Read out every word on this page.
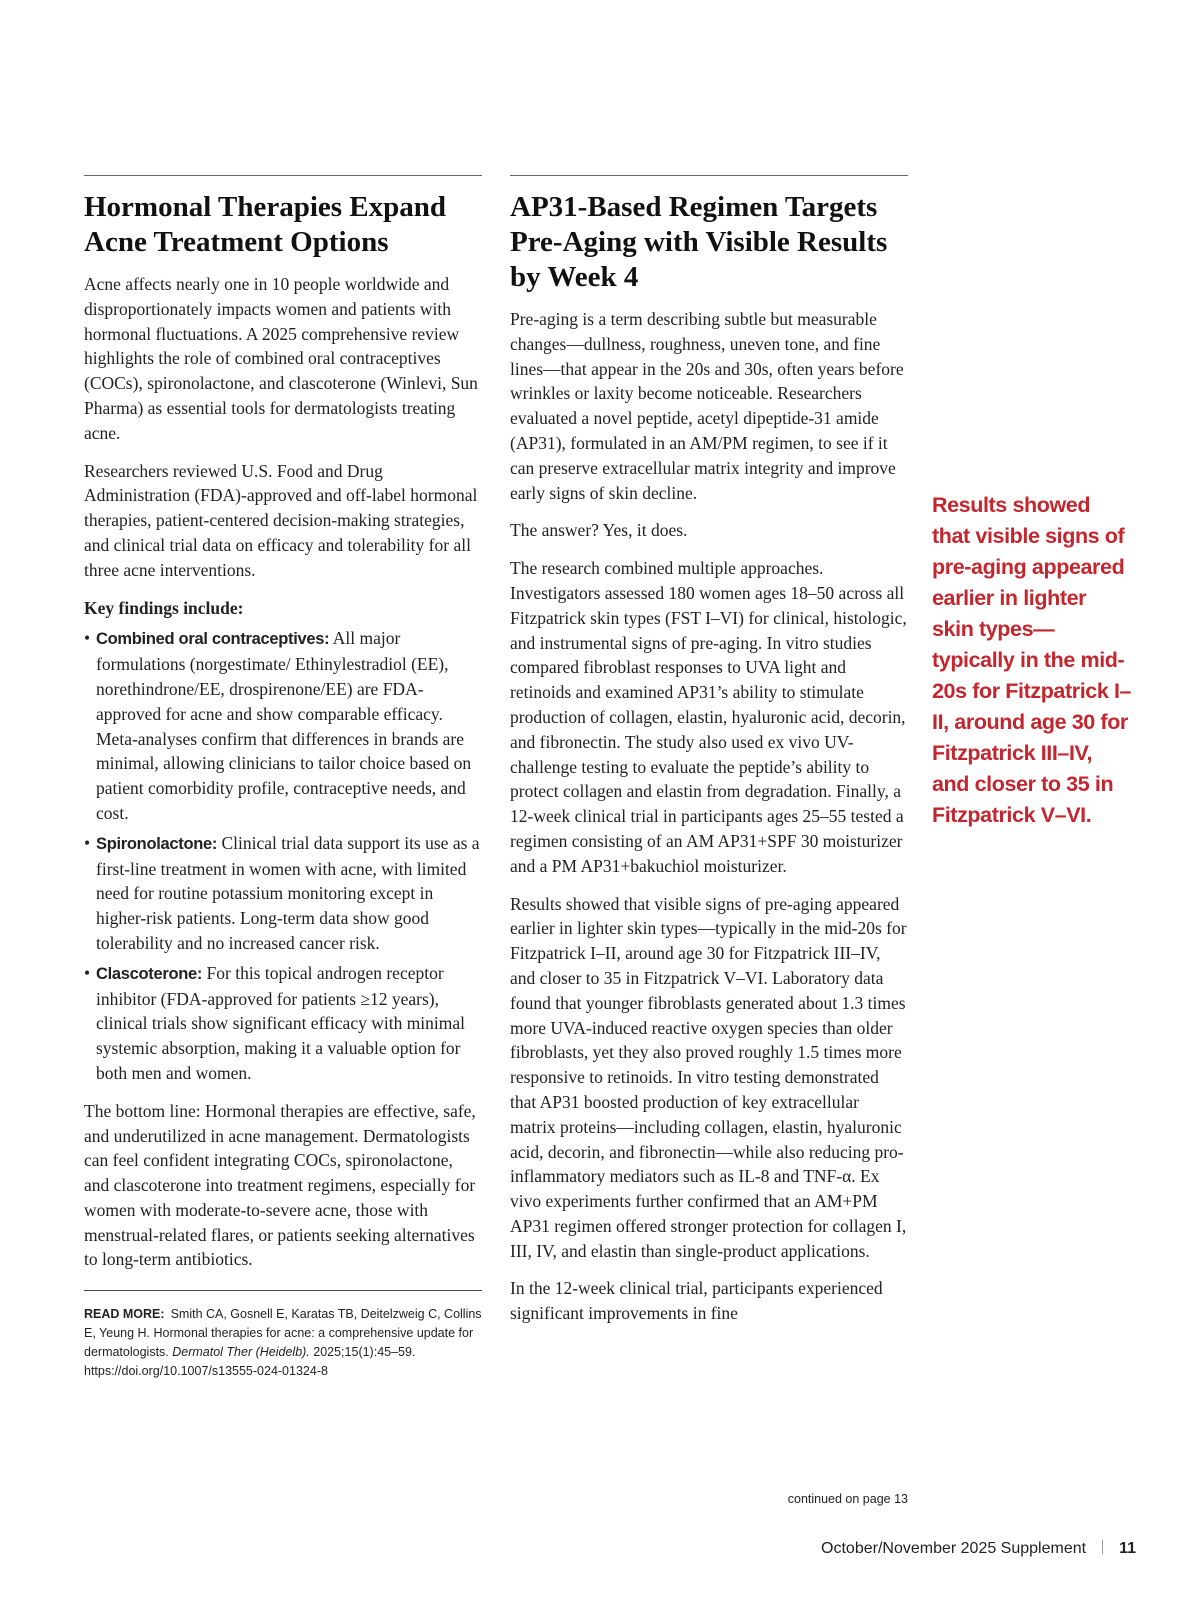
Hormonal Therapies Expand Acne Treatment Options

Acne affects nearly one in 10 people worldwide and disproportionately impacts women and patients with hormonal fluctuations. A 2025 comprehensive review highlights the role of combined oral contraceptives (COCs), spironolactone, and clascoterone (Winlevi, Sun Pharma) as essential tools for dermatologists treating acne.

Researchers reviewed U.S. Food and Drug Administration (FDA)-approved and off-label hormonal therapies, patient-centered decision-making strategies, and clinical trial data on efficacy and tolerability for all three acne interventions.

Key findings include:

• Combined oral contraceptives: All major formulations (norgestimate/ Ethinylestradiol (EE), norethindrone/EE, drospirenone/EE) are FDA-approved for acne and show comparable efficacy. Meta-analyses confirm that differences in brands are minimal, allowing clinicians to tailor choice based on patient comorbidity profile, contraceptive needs, and cost.
• Spironolactone: Clinical trial data support its use as a first-line treatment in women with acne, with limited need for routine potassium monitoring except in higher-risk patients. Long-term data show good tolerability and no increased cancer risk.
• Clascoterone: For this topical androgen receptor inhibitor (FDA-approved for patients ≥12 years), clinical trials show significant efficacy with minimal systemic absorption, making it a valuable option for both men and women.

The bottom line: Hormonal therapies are effective, safe, and underutilized in acne management. Dermatologists can feel confident integrating COCs, spironolactone, and clascoterone into treatment regimens, especially for women with moderate-to-severe acne, those with menstrual-related flares, or patients seeking alternatives to long-term antibiotics.

READ MORE: Smith CA, Gosnell E, Karatas TB, Deitelzweig C, Collins E, Yeung H. Hormonal therapies for acne: a comprehensive update for dermatologists. Dermatol Ther (Heidelb). 2025;15(1):45–59. https://doi.org/10.1007/s13555-024-01324-8

AP31-Based Regimen Targets Pre-Aging with Visible Results by Week 4

Pre-aging is a term describing subtle but measurable changes—dullness, roughness, uneven tone, and fine lines—that appear in the 20s and 30s, often years before wrinkles or laxity become noticeable. Researchers evaluated a novel peptide, acetyl dipeptide-31 amide (AP31), formulated in an AM/PM regimen, to see if it can preserve extracellular matrix integrity and improve early signs of skin decline.

The answer? Yes, it does.

The research combined multiple approaches. Investigators assessed 180 women ages 18–50 across all Fitzpatrick skin types (FST I–VI) for clinical, histologic, and instrumental signs of pre-aging. In vitro studies compared fibroblast responses to UVA light and retinoids and examined AP31’s ability to stimulate production of collagen, elastin, hyaluronic acid, decorin, and fibronectin. The study also used ex vivo UV-challenge testing to evaluate the peptide’s ability to protect collagen and elastin from degradation. Finally, a 12-week clinical trial in participants ages 25–55 tested a regimen consisting of an AM AP31+SPF 30 moisturizer and a PM AP31+bakuchiol moisturizer.

Results showed that visible signs of pre-aging appeared earlier in lighter skin types—typically in the mid-20s for Fitzpatrick I–II, around age 30 for Fitzpatrick III–IV, and closer to 35 in Fitzpatrick V–VI. Laboratory data found that younger fibroblasts generated about 1.3 times more UVA-induced reactive oxygen species than older fibroblasts, yet they also proved roughly 1.5 times more responsive to retinoids. In vitro testing demonstrated that AP31 boosted production of key extracellular matrix proteins—including collagen, elastin, hyaluronic acid, decorin, and fibronectin—while also reducing pro-inflammatory mediators such as IL-8 and TNF-α. Ex vivo experiments further confirmed that an AM+PM AP31 regimen offered stronger protection for collagen I, III, IV, and elastin than single-product applications.

In the 12-week clinical trial, participants experienced significant improvements in fine

continued on page 13

Results showed that visible signs of pre-aging appeared earlier in lighter skin types—typically in the mid-20s for Fitzpatrick I–II, around age 30 for Fitzpatrick III–IV, and closer to 35 in Fitzpatrick V–VI.

October/November 2025 Supplement 11
